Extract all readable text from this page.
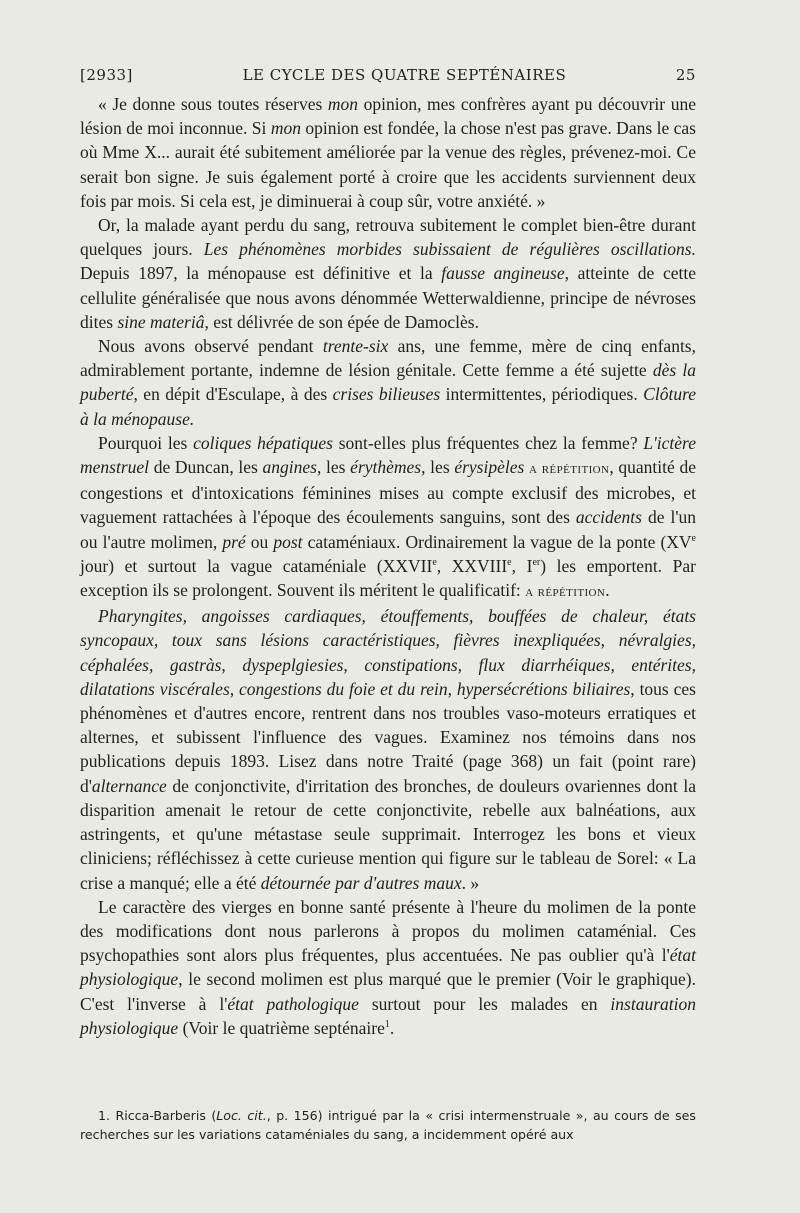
[2933]	LE CYCLE DES QUATRE SEPTÉNAIRES	25

« Je donne sous toutes réserves mon opinion, mes confrères ayant pu découvrir une lésion de moi inconnue. Si mon opinion est fondée, la chose n'est pas grave. Dans le cas où Mme X... aurait été subitement améliorée par la venue des règles, prévenez-moi. Ce serait bon signe. Je suis également porté à croire que les accidents surviennent deux fois par mois. Si cela est, je diminuerai à coup sûr, votre anxiété. »

Or, la malade ayant perdu du sang, retrouva subitement le complet bien-être durant quelques jours. Les phénomènes morbides subissaient de régulières oscillations. Depuis 1897, la ménopause est définitive et la fausse angineuse, atteinte de cette cellulite généralisée que nous avons dénommée Wetterwaldienne, principe de névroses dites sine materiâ, est délivrée de son épée de Damoclès.

Nous avons observé pendant trente-six ans, une femme, mère de cinq enfants, admirablement portante, indemne de lésion génitale. Cette femme a été sujette dès la puberté, en dépit d'Esculape, à des crises bilieuses intermittentes, périodiques. Clôture à la ménopause.

Pourquoi les coliques hépatiques sont-elles plus fréquentes chez la femme? L'ictère menstruel de Duncan, les angines, les érythèmes, les érysipèles a répétition, quantité de congestions et d'intoxications féminines mises au compte exclusif des microbes, et vaguement rattachées à l'époque des écoulements sanguins, sont des accidents de l'un ou l'autre molimen, pré ou post cataméniaux. Ordinairement la vague de la ponte (XVe jour) et surtout la vague cataméniale (XXVIIe, XXVIIIe, Ier) les emportent. Par exception ils se prolongent. Souvent ils méritent le qualificatif: a répétition.

Pharyngites, angoisses cardiaques, étouffements, bouffées de chaleur, états syncopaux, toux sans lésions caractéristiques, fièvres inexpliquées, névralgies, céphalées, gastràs, dyspeplgiesies, constipations, flux diarrhéiques, entérites, dilatations viscérales, congestions du foie et du rein, hypersécrétions biliaires, tous ces phénomènes et d'autres encore, rentrent dans nos troubles vaso-moteurs erratiques et alternes, et subissent l'influence des vagues. Examinez nos témoins dans nos publications depuis 1893. Lisez dans notre Traité (page 368) un fait (point rare) d'alternance de conjonctivite, d'irritation des bronches, de douleurs ovariennes dont la disparition amenait le retour de cette conjonctivite, rebelle aux balnéations, aux astringents, et qu'une métastase seule supprimait. Interrogez les bons et vieux cliniciens; réfléchissez à cette curieuse mention qui figure sur le tableau de Sorel: « La crise a manqué; elle a été détournée par d'autres maux. »

Le caractère des vierges en bonne santé présente à l'heure du molimen de la ponte des modifications dont nous parlerons à propos du molimen cataménial. Ces psychopathies sont alors plus fréquentes, plus accentuées. Ne pas oublier qu'à l'état physiologique, le second molimen est plus marqué que le premier (Voir le graphique). C'est l'inverse à l'état pathologique surtout pour les malades en instauration physiologique (Voir le quatrième septénaire$^1$.

1. Ricca-Barberis (Loc. cit., p. 156) intrigué par la « crisi intermenstruale », au cours de ses recherches sur les variations cataméniales du sang, a incidemment opéré aux
